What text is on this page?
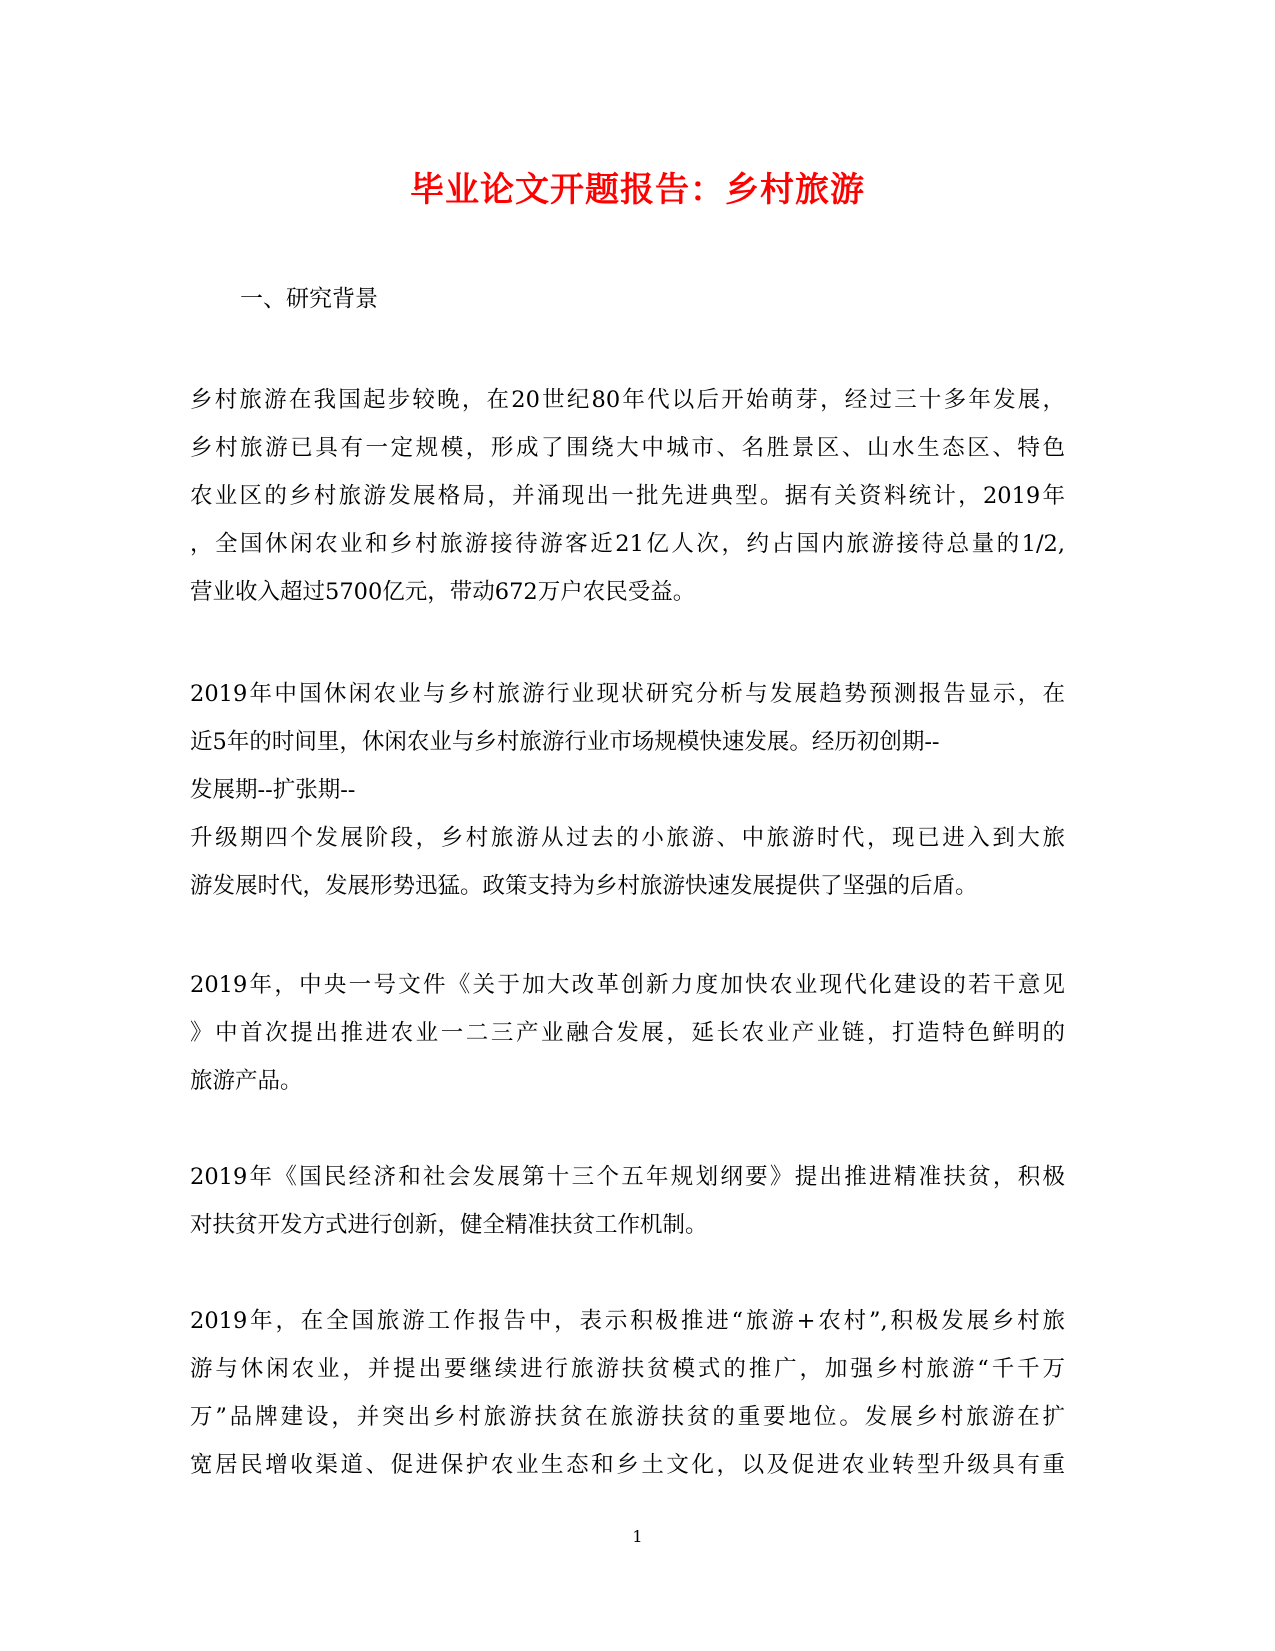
毕业论文开题报告：乡村旅游
一、研究背景
乡村旅游在我国起步较晚，在20世纪80年代以后开始萌芽，经过三十多年发展，
乡村旅游已具有一定规模，形成了围绕大中城市、名胜景区、山水生态区、特色
农业区的乡村旅游发展格局，并涌现出一批先进典型。据有关资料统计，2019年
，全国休闲农业和乡村旅游接待游客近21亿人次，约占国内旅游接待总量的1/2,
营业收入超过5700亿元，带动672万户农民受益。
2019年中国休闲农业与乡村旅游行业现状研究分析与发展趋势预测报告显示，在
近5年的时间里，休闲农业与乡村旅游行业市场规模快速发展。经历初创期--
发展期--扩张期--
升级期四个发展阶段，乡村旅游从过去的小旅游、中旅游时代，现已进入到大旅
游发展时代，发展形势迅猛。政策支持为乡村旅游快速发展提供了坚强的后盾。
2019年，中央一号文件《关于加大改革创新力度加快农业现代化建设的若干意见
》中首次提出推进农业一二三产业融合发展，延长农业产业链，打造特色鲜明的
旅游产品。
2019年《国民经济和社会发展第十三个五年规划纲要》提出推进精准扶贫，积极
对扶贫开发方式进行创新，健全精准扶贫工作机制。
2019年，在全国旅游工作报告中，表示积极推进“旅游+农村”,积极发展乡村旅
游与休闲农业，并提出要继续进行旅游扶贫模式的推广，加强乡村旅游“千千万
万”品牌建设，并突出乡村旅游扶贫在旅游扶贫的重要地位。发展乡村旅游在扩
宽居民增收渠道、促进保护农业生态和乡土文化，以及促进农业转型升级具有重
1
